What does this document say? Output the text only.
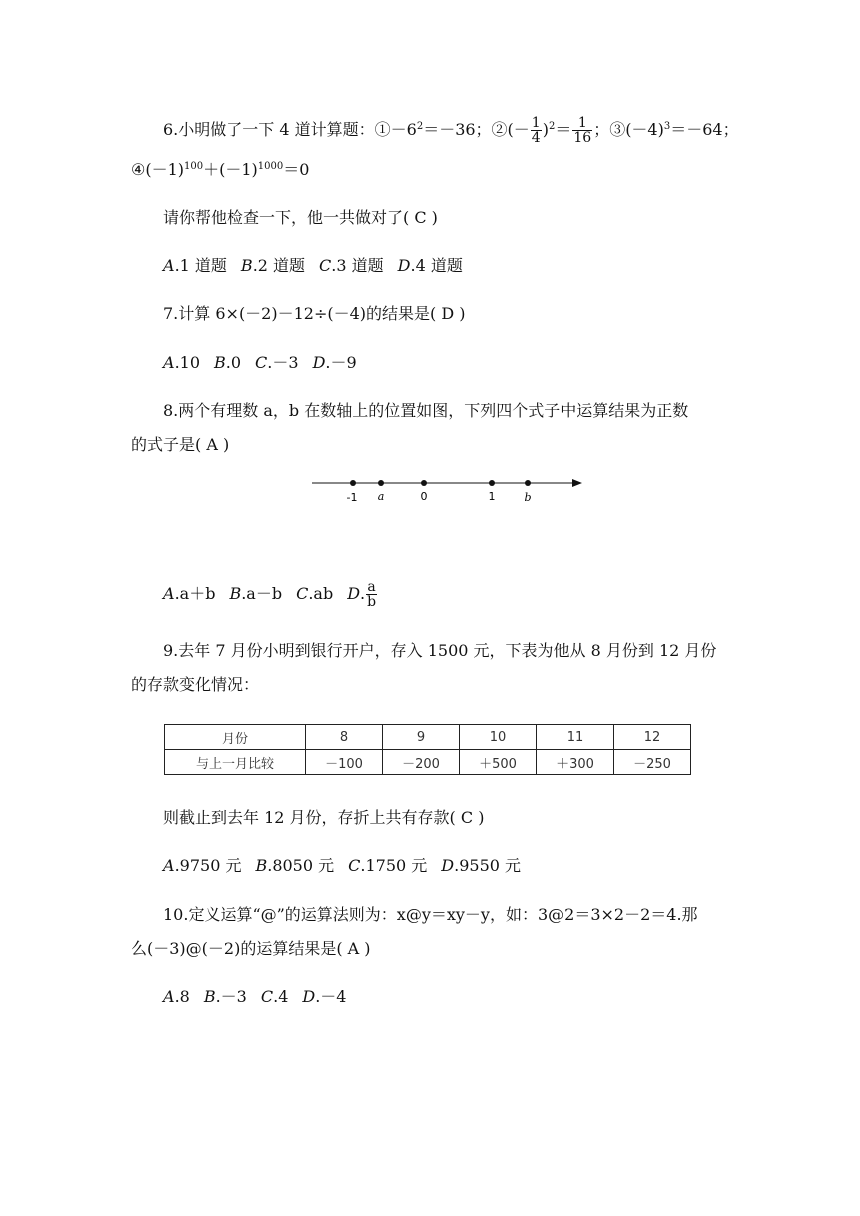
6.小明做了一下 4 道计算题：$①-6^2=-36$；②(－ $\frac{1}{4} )^2= \frac{1}{16}$ ；$③(-4)^3=-64$；
$④(-1)^{100}+(-1)^{1000}=0$
请你帮他检查一下，他一共做对了( C )
A.1 道题 B.2 道题 C.3 道题 D.4 道题
7.计算 6×(－2)－12÷(－4)的结果是( D )
A.10 B.0 C.－3 D.－9
8.两个有理数 a，b 在数轴上的位置如图，下列四个式子中运算结果为正数
的式子是( A )
-1 a	0	1	b
A.a＋b B.a－b C.ab D. $\frac{a}{b}$
9.去年 7 月份小明到银行开户，存入 1500 元，下表为他从 8 月份到 12 月份
的存款变化情况：
月份	8	9	10	11	12
与上一月比较	－100	－200	＋500	＋300	－250
则截止到去年 12 月份，存折上共有存款( C )
A.9750 元 B.8050 元 C.1750 元 D.9550 元
10.定义运算“@”的运算法则为：x@y＝xy－y，如：3@2＝3×2－2＝4.那
么(－3)@(－2)的运算结果是( A )
A.8 B.－3 C.4 D.－4
